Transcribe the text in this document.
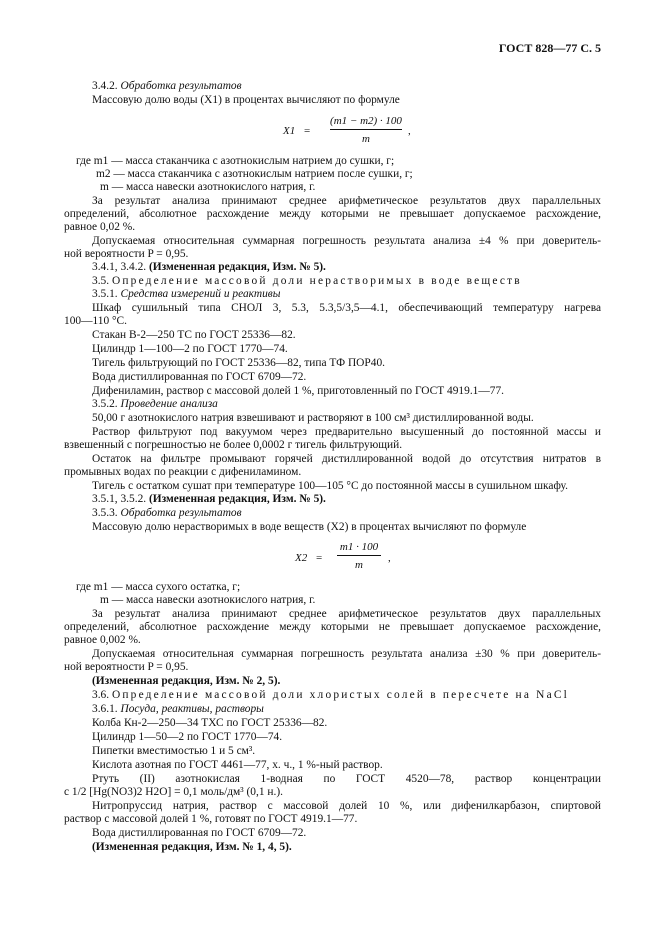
ГОСТ 828—77 С. 5
3.4.2. Обработка результатов
Массовую долю воды (X1) в процентах вычисляют по формуле
X1 =
(m1 − m2) · 100
m
,
где m1 — масса стаканчика с азотнокислым натрием до сушки, г;
m2 — масса стаканчика с азотнокислым натрием после сушки, г;
m — масса навески азотнокислого натрия, г.
За результат анализа принимают среднее арифметическое результатов двух параллельных
определений, абсолютное расхождение между которыми не превышает допускаемое расхождение,
равное 0,02 %.
Допускаемая относительная суммарная погрешность результата анализа ±4 % при доверитель-
ной вероятности P = 0,95.
3.4.1, 3.4.2. (Измененная редакция, Изм. № 5).
3.5. Определение массовой доли нерастворимых в воде веществ
3.5.1. Средства измерений и реактивы
Шкаф сушильный типа СНОЛ 3, 5.3, 5.3,5/3,5—4.1, обеспечивающий температуру нагрева
100—110 °С.
Стакан В-2—250 ТС по ГОСТ 25336—82.
Цилиндр 1—100—2 по ГОСТ 1770—74.
Тигель фильтрующий по ГОСТ 25336—82, типа ТФ ПОР40.
Вода дистиллированная по ГОСТ 6709—72.
Дифениламин, раствор с массовой долей 1 %, приготовленный по ГОСТ 4919.1—77.
3.5.2. Проведение анализа
50,00 г азотнокислого натрия взвешивают и растворяют в 100 см³ дистиллированной воды.
Раствор фильтруют под вакуумом через предварительно высушенный до постоянной массы и
взвешенный с погрешностью не более 0,0002 г тигель фильтрующий.
Остаток на фильтре промывают горячей дистиллированной водой до отсутствия нитратов в
промывных водах по реакции с дифениламином.
Тигель с остатком сушат при температуре 100—105 °С до постоянной массы в сушильном шкафу.
3.5.1, 3.5.2. (Измененная редакция, Изм. № 5).
3.5.3. Обработка результатов
Массовую долю нерастворимых в воде веществ (X2) в процентах вычисляют по формуле
X2 =
m1 · 100
m
,
где m1 — масса сухого остатка, г;
m — масса навески азотнокислого натрия, г.
За результат анализа принимают среднее арифметическое результатов двух параллельных
определений, абсолютное расхождение между которыми не превышает допускаемое расхождение,
равное 0,002 %.
Допускаемая относительная суммарная погрешность результата анализа ±30 % при доверитель-
ной вероятности P = 0,95.
(Измененная редакция, Изм. № 2, 5).
3.6. Определение массовой доли хлористых солей в пересчете на NaCl
3.6.1. Посуда, реактивы, растворы
Колба Кн-2—250—34 ТХС по ГОСТ 25336—82.
Цилиндр 1—50—2 по ГОСТ 1770—74.
Пипетки вместимостью 1 и 5 см³.
Кислота азотная по ГОСТ 4461—77, х. ч., 1 %-ный раствор.
Ртуть (II) азотнокислая 1-водная по ГОСТ 4520—78, раствор концентрации
c 1/2 [Hg(NO3)2 H2O] = 0,1 моль/дм³ (0,1 н.).
Нитропруссид натрия, раствор с массовой долей 10 %, или дифенилкарбазон, спиртовой
раствор с массовой долей 1 %, готовят по ГОСТ 4919.1—77.
Вода дистиллированная по ГОСТ 6709—72.
(Измененная редакция, Изм. № 1, 4, 5).
